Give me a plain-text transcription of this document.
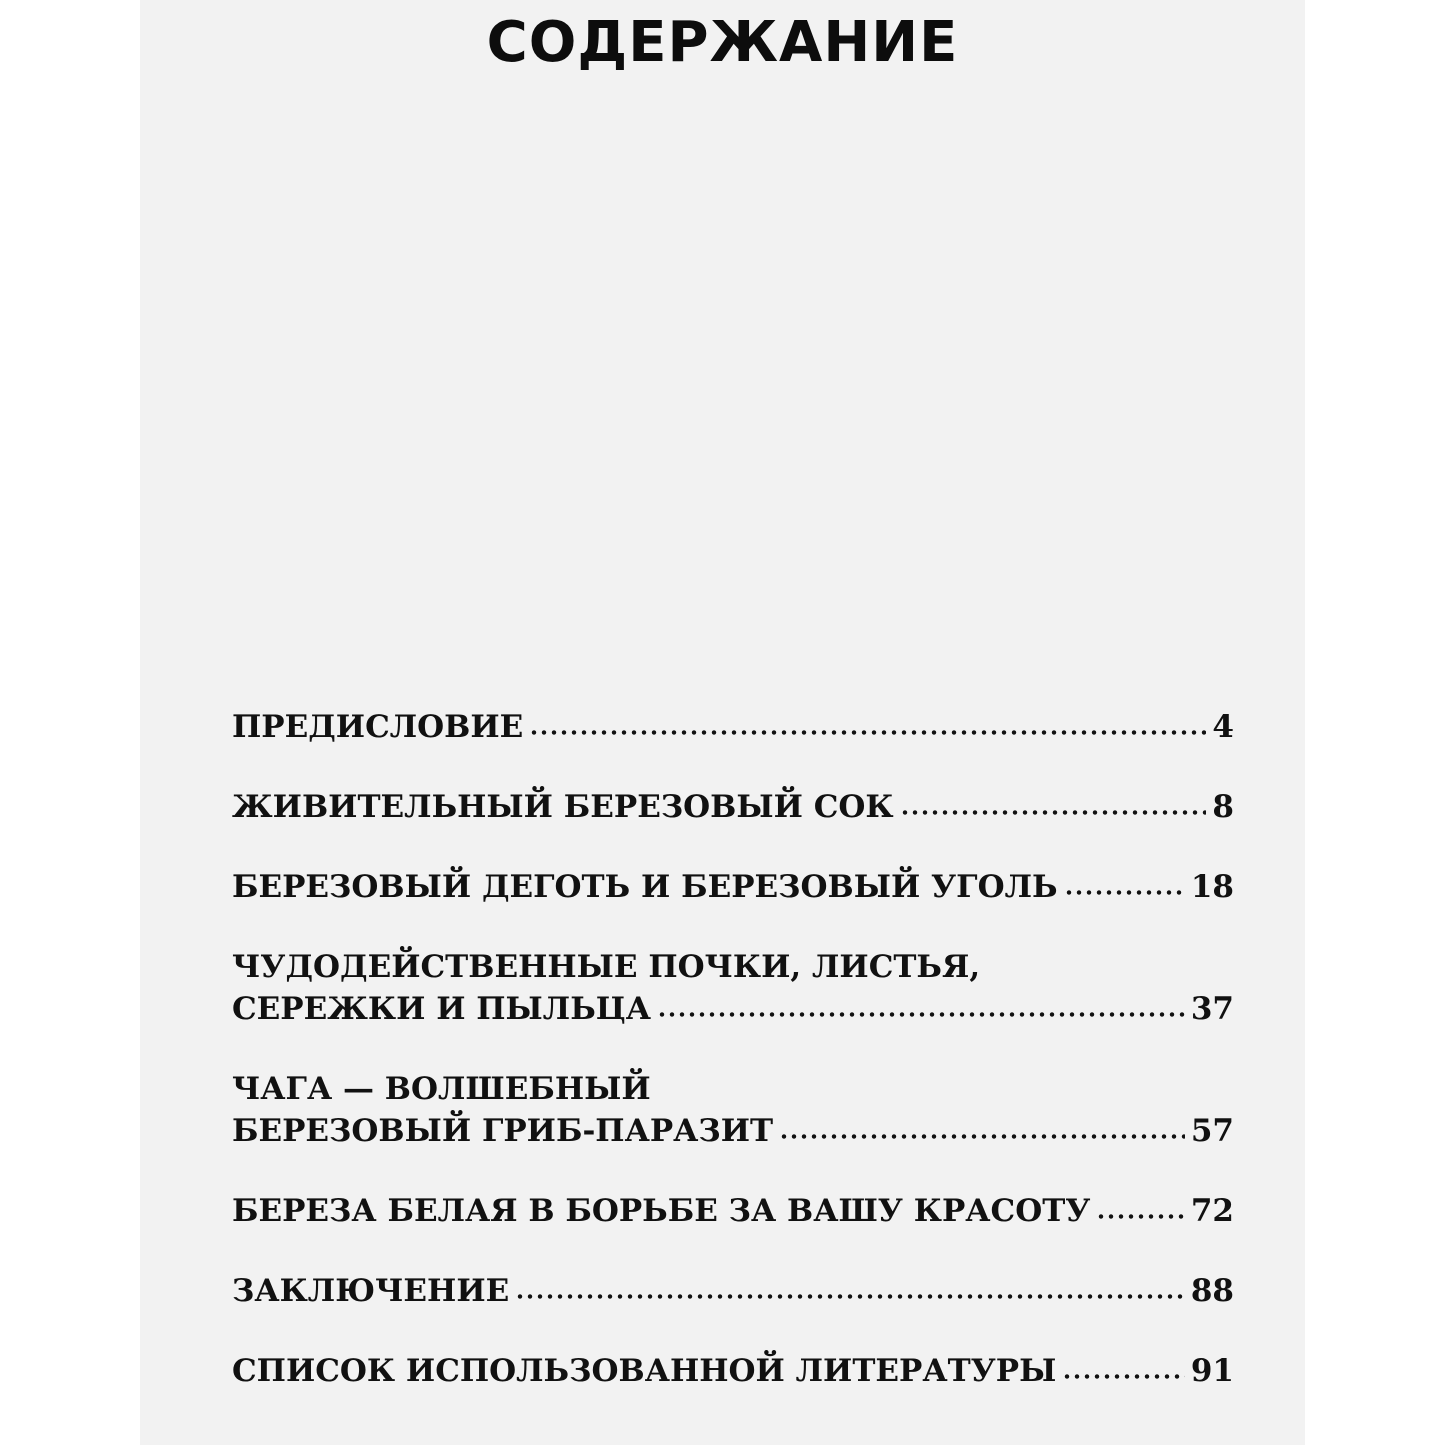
СОДЕРЖАНИЕ
ПРЕДИСЛОВИЕ	4
ЖИВИТЕЛЬНЫЙ БЕРЕЗОВЫЙ СОК	8
БЕРЕЗОВЫЙ ДЕГОТЬ И БЕРЕЗОВЫЙ УГОЛЬ	18
ЧУДОДЕЙСТВЕННЫЕ ПОЧКИ, ЛИСТЬЯ,
СЕРЕЖКИ И ПЫЛЬЦА	37
ЧАГА — ВОЛШЕБНЫЙ
БЕРЕЗОВЫЙ ГРИБ-ПАРАЗИТ	57
БЕРЕЗА БЕЛАЯ В БОРЬБЕ ЗА ВАШУ КРАСОТУ	72
ЗАКЛЮЧЕНИЕ	88
СПИСОК ИСПОЛЬЗОВАННОЙ ЛИТЕРАТУРЫ	91
